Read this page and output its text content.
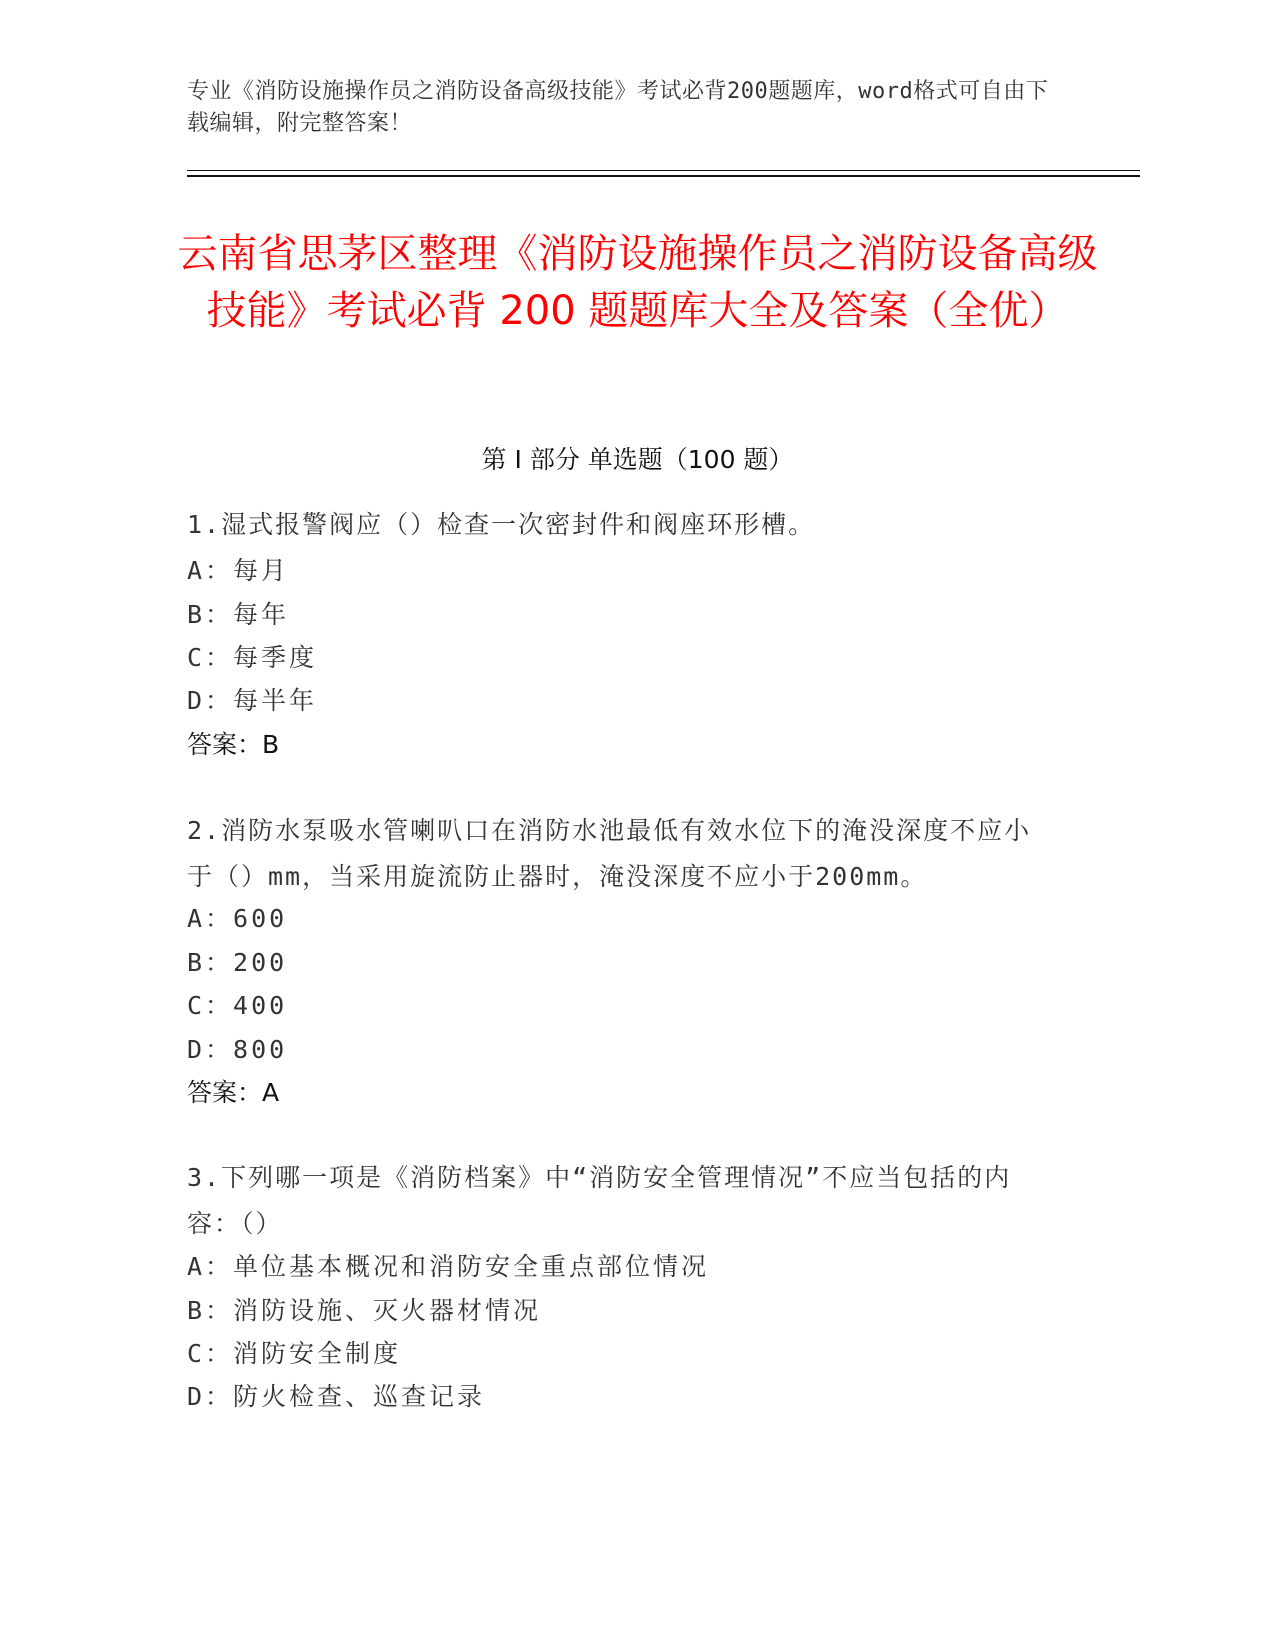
专业《消防设施操作员之消防设备高级技能》考试必背200题题库，word格式可自由下载编辑，附完整答案！
云南省思茅区整理《消防设施操作员之消防设备高级技能》考试必背 200 题题库大全及答案（全优）
第 I 部分 单选题（100 题）
1.湿式报警阀应（）检查一次密封件和阀座环形槽。
A：每月
B：每年
C：每季度
D：每半年
答案：B
2.消防水泵吸水管喇叭口在消防水池最低有效水位下的淹没深度不应小于（）mm，当采用旋流防止器时，淹没深度不应小于200mm。
A：600
B：200
C：400
D：800
答案：A
3.下列哪一项是《消防档案》中“消防安全管理情况”不应当包括的内容：（）
A：单位基本概况和消防安全重点部位情况
B：消防设施、灭火器材情况
C：消防安全制度
D：防火检查、巡查记录
